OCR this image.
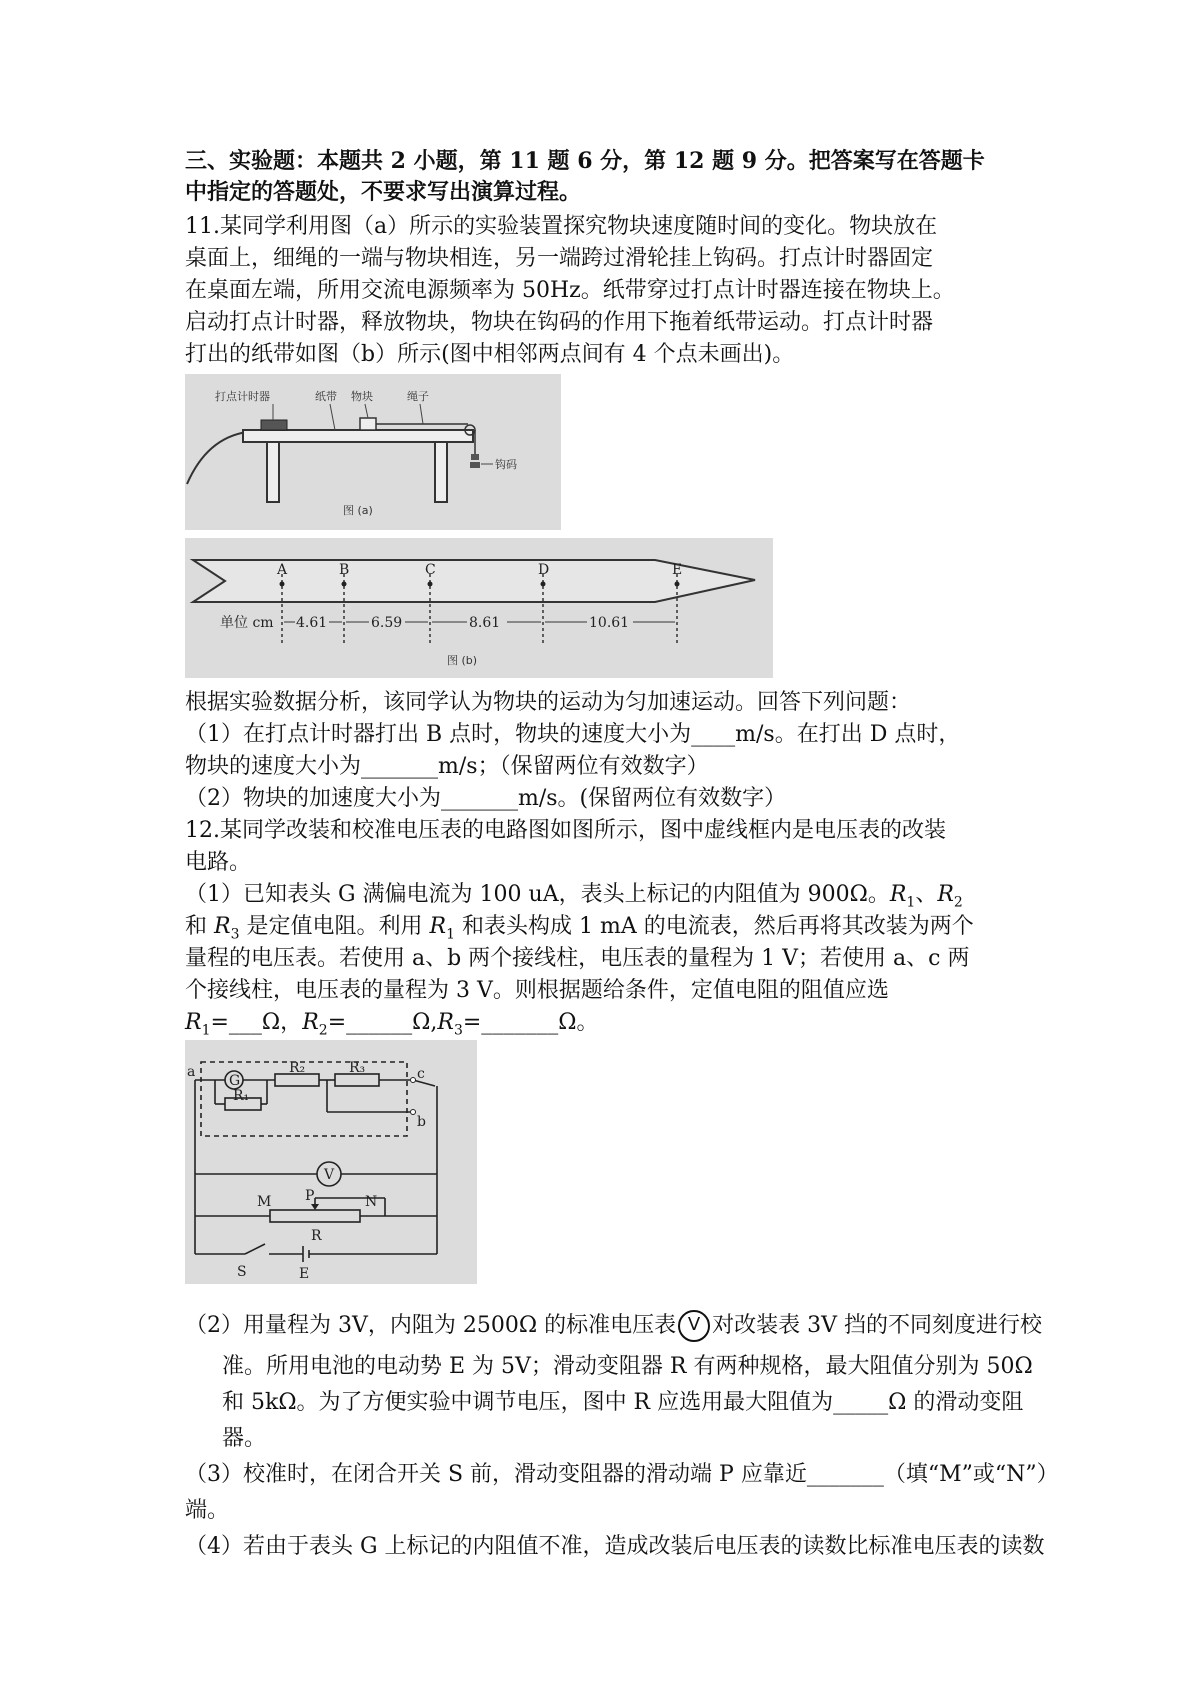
三、实验题：本题共 2 小题，第 11 题 6 分，第 12 题 9 分。把答案写在答题卡
中指定的答题处，不要求写出演算过程。
11.某同学利用图（a）所示的实验装置探究物块速度随时间的变化。物块放在
桌面上，细绳的一端与物块相连，另一端跨过滑轮挂上钩码。打点计时器固定
在桌面左端，所用交流电源频率为 50Hz。纸带穿过打点计时器连接在物块上。
启动打点计时器，释放物块，物块在钩码的作用下拖着纸带运动。打点计时器
打出的纸带如图（b）所示(图中相邻两点间有 4 个点未画出)。
打点计时器	纸带 物块	绳子
钩码
图 (a)
A	B	C	D	E
单位 cm 4.61	6.59	8.61	10.61
图 (b)
根据实验数据分析，该同学认为物块的运动为匀加速运动。回答下列问题：
（1）在打点计时器打出 B 点时，物块的速度大小为____m/s。在打出 D 点时，
物块的速度大小为_______m/s；（保留两位有效数字）
（2）物块的加速度大小为_______m/s。(保留两位有效数字）
12.某同学改装和校准电压表的电路图如图所示，图中虚线框内是电压表的改装
电路。
（1）已知表头 G 满偏电流为 100 uA，表头上标记的内阻值为 900Ω。$R_1$、$R_2$
和 $R_3$ 是定值电阻。利用 $R_1$ 和表头构成 1 mA 的电流表，然后再将其改装为两个
量程的电压表。若使用 a、b 两个接线柱，电压表的量程为 1 V；若使用 a、c 两
个接线柱，电压表的量程为 3 V。则根据题给条件，定值电阻的阻值应选
$R_1=\_\_\_\Omega$，$R_2=\_\_\_\_\_\_\Omega,R_3=\_\_\_\_\_\_\_\Omega$。
a	c
b
G
R₁
R₂	R₃
V
M P	N
R
S	E
（2）用量程为 3V，内阻为 2500Ω 的标准电压表 V 对改装表 3V 挡的不同刻度进行校
准。所用电池的电动势 E 为 5V；滑动变阻器 R 有两种规格，最大阻值分别为 50Ω
和 5kΩ。为了方便实验中调节电压，图中 R 应选用最大阻值为_____Ω 的滑动变阻
器。
（3）校准时，在闭合开关 S 前，滑动变阻器的滑动端 P 应靠近_______（填“M”或“N”）
端。
（4）若由于表头 G 上标记的内阻值不准，造成改装后电压表的读数比标准电压表的读数
